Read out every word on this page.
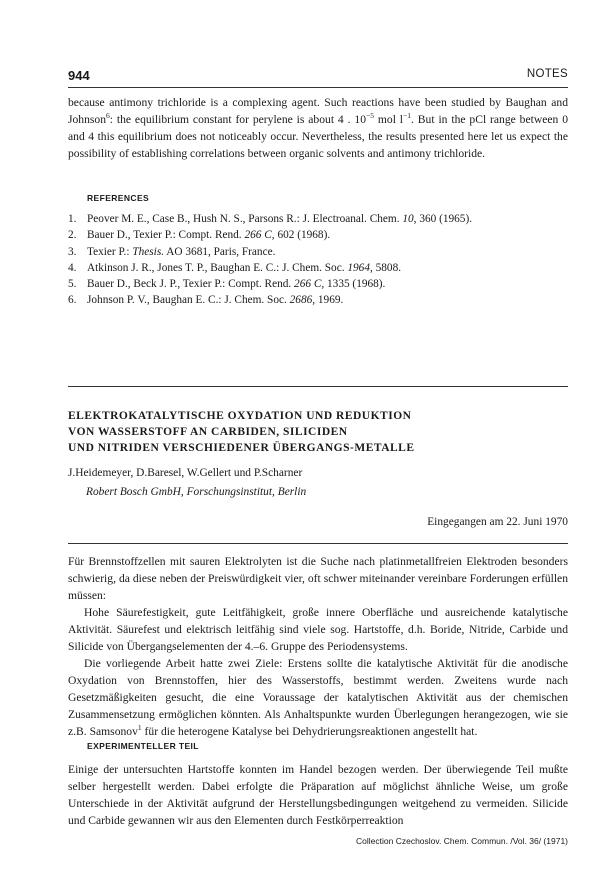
944	NOTES

because antimony trichloride is a complexing agent. Such reactions have been studied by Baughan and Johnson$^6$: the equilibrium constant for perylene is about 4 . $10^{-5}$ mol $l^{-1}$. But in the pCl range between 0 and 4 this equilibrium does not noticeably occur. Nevertheless, the results presented here let us expect the possibility of establishing correlations between organic solvents and antimony trichloride.

REFERENCES
1. Peover M. E., Case B., Hush N. S., Parsons R.: J. Electroanal. Chem. 10, 360 (1965).
2. Bauer D., Texier P.: Compt. Rend. 266 C, 602 (1968).
3. Texier P.: Thesis. AO 3681, Paris, France.
4. Atkinson J. R., Jones T. P., Baughan E. C.: J. Chem. Soc. 1964, 5808.
5. Bauer D., Beck J. P., Texier P.: Compt. Rend. 266 C, 1335 (1968).
6. Johnson P. V., Baughan E. C.: J. Chem. Soc. 2686, 1969.
ELEKTROKATALYTISCHE OXYDATION UND REDUKTION
VON WASSERSTOFF AN CARBIDEN, SILICIDEN
UND NITRIDEN VERSCHIEDENER ÜBERGANGS-METALLE
J.Heidemeyer, D.Baresel, W.Gellert und P.Scharner
Robert Bosch GmbH, Forschungsinstitut, Berlin
Eingegangen am 22. Juni 1970

Für Brennstoffzellen mit sauren Elektrolyten ist die Suche nach platinmetallfreien Elektroden besonders schwierig, da diese neben der Preiswürdigkeit vier, oft schwer miteinander vereinbare Forderungen erfüllen müssen:

Hohe Säurefestigkeit, gute Leitfähigkeit, große innere Oberfläche und ausreichende katalytische Aktivität. Säurefest und elektrisch leitfähig sind viele sog. Hartstoffe, d.h. Boride, Nitride, Carbide und Silicide von Übergangselementen der 4.–6. Gruppe des Periodensystems.

Die vorliegende Arbeit hatte zwei Ziele: Erstens sollte die katalytische Aktivität für die anodische Oxydation von Brennstoffen, hier des Wasserstoffs, bestimmt werden. Zweitens wurde nach Gesetzmäßigkeiten gesucht, die eine Voraussage der katalytischen Aktivität aus der chemischen Zusammensetzung ermöglichen könnten. Als Anhaltspunkte wurden Überlegungen herangezogen, wie sie z.B. Samsonov$^1$ für die heterogene Katalyse bei Dehydrierungsreaktionen angestellt hat.

EXPERIMENTELLER TEIL

Einige der untersuchten Hartstoffe konnten im Handel bezogen werden. Der überwiegende Teil mußte selber hergestellt werden. Dabei erfolgte die Präparation auf möglichst ähnliche Weise, um große Unterschiede in der Aktivität aufgrund der Herstellungsbedingungen weitgehend zu vermeiden. Silicide und Carbide gewannen wir aus den Elementen durch Festkörperreaktion

Collection Czechoslov. Chem. Commun. /Vol. 36/ (1971)
